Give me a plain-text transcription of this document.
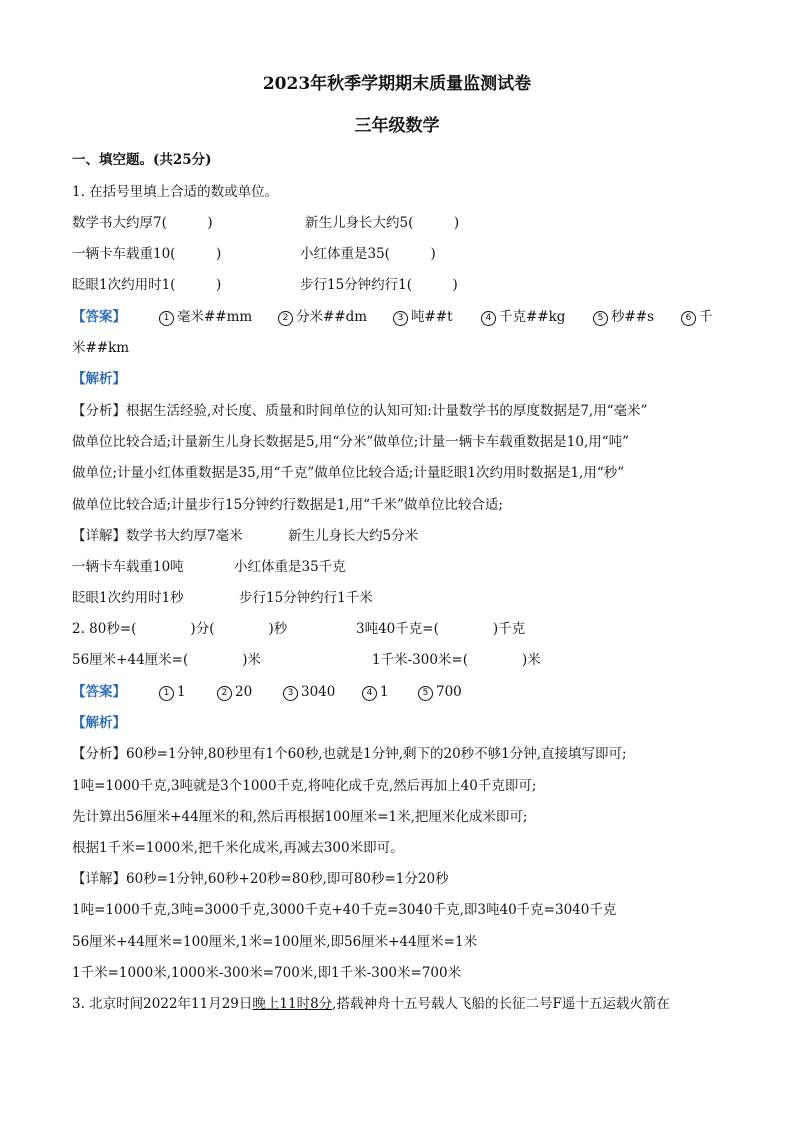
2023年秋季学期期末质量监测试卷
三年级数学
一、填空题。(共25分)
1. 在括号里填上合适的数或单位。
数学书大约厚7(　　　)	新生儿身长大约5(　　　)
一辆卡车载重10(　　　)	小红体重是35(　　　)
眨眼1次约用时1(　　　)	步行15分钟约行1(　　　)
【答案】	1 毫米##mm	2 分米##dm	3 吨##t	4 千克##kg	5 秒##s	6 千
米##km
【解析】
【分析】根据生活经验,对长度、质量和时间单位的认知可知:计量数学书的厚度数据是7,用“毫米”
做单位比较合适;计量新生儿身长数据是5,用“分米”做单位;计量一辆卡车载重数据是10,用“吨”
做单位;计量小红体重数据是35,用“千克”做单位比较合适;计量眨眼1次约用时数据是1,用“秒”
做单位比较合适;计量步行15分钟约行数据是1,用“千米”做单位比较合适;
【详解】数学书大约厚7毫米	新生儿身长大约5分米
一辆卡车载重10吨	小红体重是35千克
眨眼1次约用时1秒	步行15分钟约行1千米
2. 80秒=(　　　　)分(　　　　)秒	3吨40千克=(　　　　)千克
56厘米+44厘米=(　　　　)米	1千米-300米=(　　　　)米
【答案】	1 1	2 20	3 3040	4 1	5 700
【解析】
【分析】60秒=1分钟,80秒里有1个60秒,也就是1分钟,剩下的20秒不够1分钟,直接填写即可;
1吨=1000千克,3吨就是3个1000千克,将吨化成千克,然后再加上40千克即可;
先计算出56厘米+44厘米的和,然后再根据100厘米=1米,把厘米化成米即可;
根据1千米=1000米,把千米化成米,再减去300米即可。
【详解】60秒=1分钟,60秒+20秒=80秒,即可80秒=1分20秒
1吨=1000千克,3吨=3000千克,3000千克+40千克=3040千克,即3吨40千克=3040千克
56厘米+44厘米=100厘米,1米=100厘米,即56厘米+44厘米=1米
1千米=1000米,1000米-300米=700米,即1千米-300米=700米
3. 北京时间2022年11月29日晚上11时8分,搭载神舟十五号载人飞船的长征二号F遥十五运载火箭在
